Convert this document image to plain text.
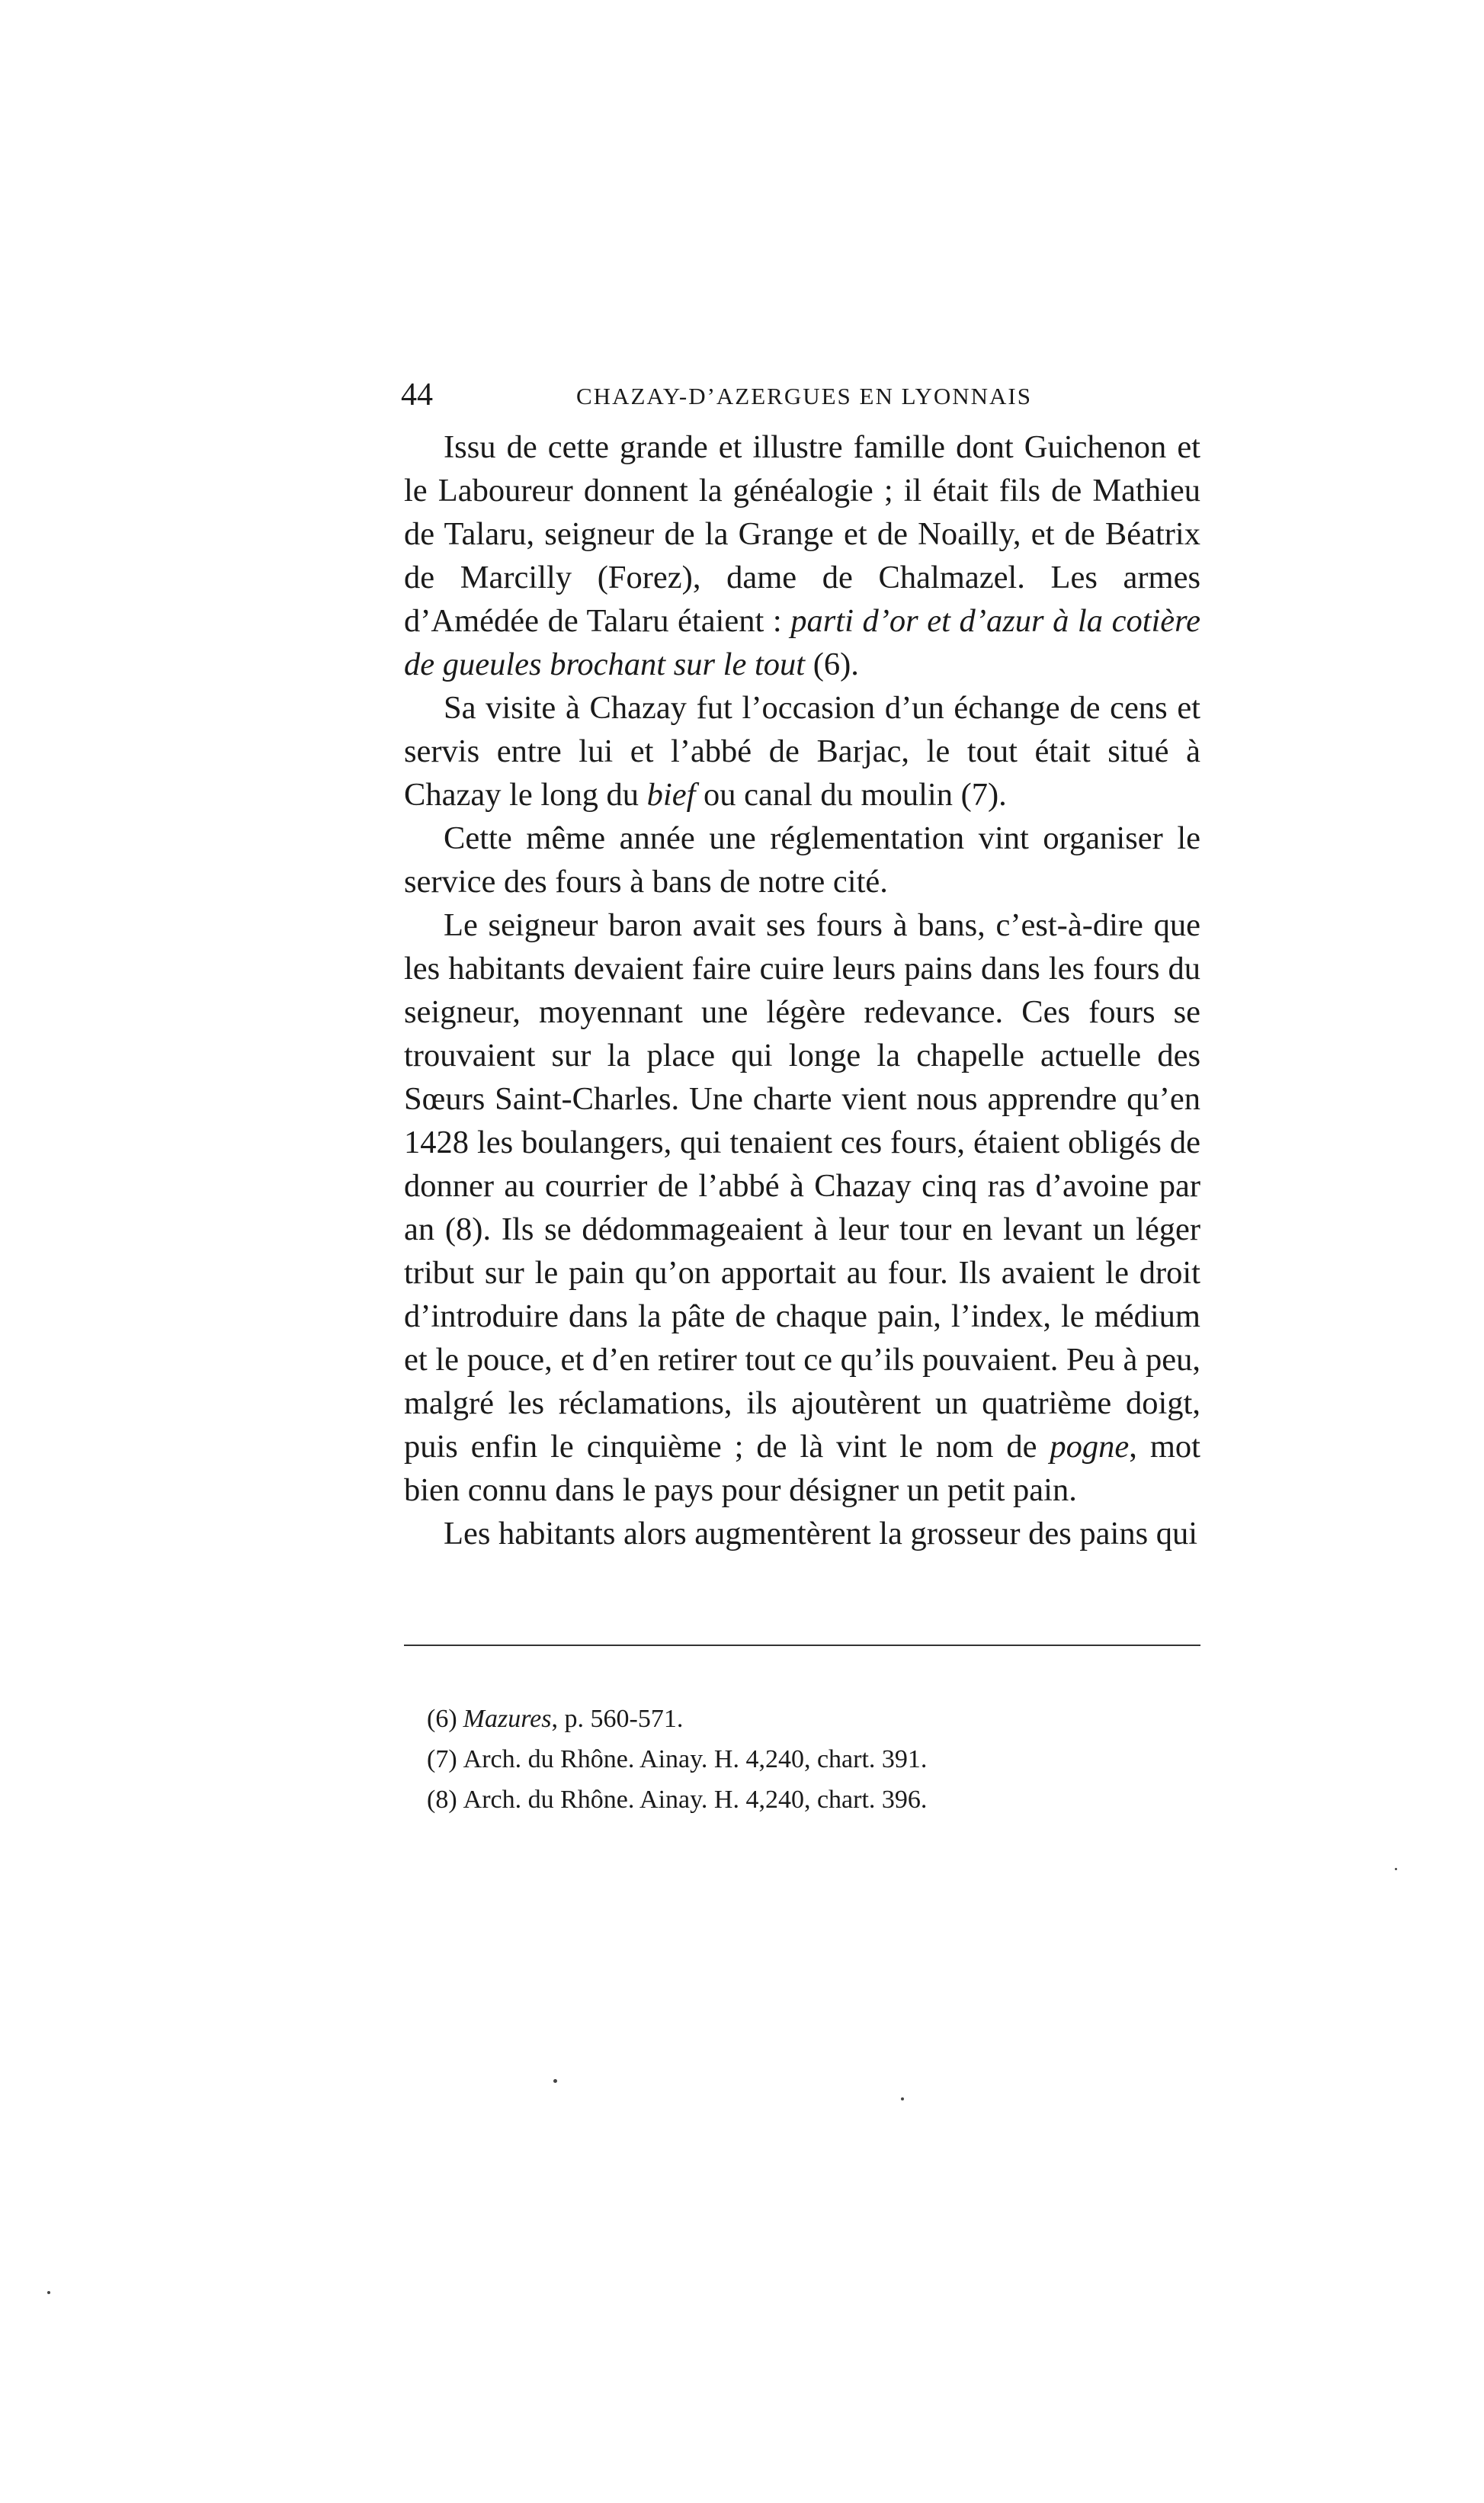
44	CHAZAY-D’AZERGUES EN LYONNAIS

Issu de cette grande et illustre famille dont Guichenon et le Laboureur donnent la généalogie ; il était fils de Mathieu de Talaru, seigneur de la Grange et de Noailly, et de Béatrix de Marcilly (Forez), dame de Chalmazel. Les armes d’Amédée de Talaru étaient : parti d’or et d’azur à la cotière de gueules brochant sur le tout (6).

Sa visite à Chazay fut l’occasion d’un échange de cens et servis entre lui et l’abbé de Barjac, le tout était situé à Chazay le long du bief ou canal du moulin (7).

Cette même année une réglementation vint organiser le service des fours à bans de notre cité.

Le seigneur baron avait ses fours à bans, c’est-à-dire que les habitants devaient faire cuire leurs pains dans les fours du seigneur, moyennant une légère redevance. Ces fours se trouvaient sur la place qui longe la chapelle actuelle des Sœurs Saint-Charles. Une charte vient nous apprendre qu’en 1428 les boulangers, qui tenaient ces fours, étaient obligés de donner au courrier de l’abbé à Chazay cinq ras d’avoine par an (8). Ils se dédommageaient à leur tour en levant un léger tribut sur le pain qu’on apportait au four. Ils avaient le droit d’introduire dans la pâte de chaque pain, l’index, le médium et le pouce, et d’en retirer tout ce qu’ils pouvaient. Peu à peu, malgré les réclamations, ils ajoutèrent un quatrième doigt, puis enfin le cinquième ; de là vint le nom de pogne, mot bien connu dans le pays pour désigner un petit pain.

Les habitants alors augmentèrent la grosseur des pains qui

(6) Mazures, p. 560-571.

(7) Arch. du Rhône. Ainay. H. 4,240, chart. 391.

(8) Arch. du Rhône. Ainay. H. 4,240, chart. 396.
